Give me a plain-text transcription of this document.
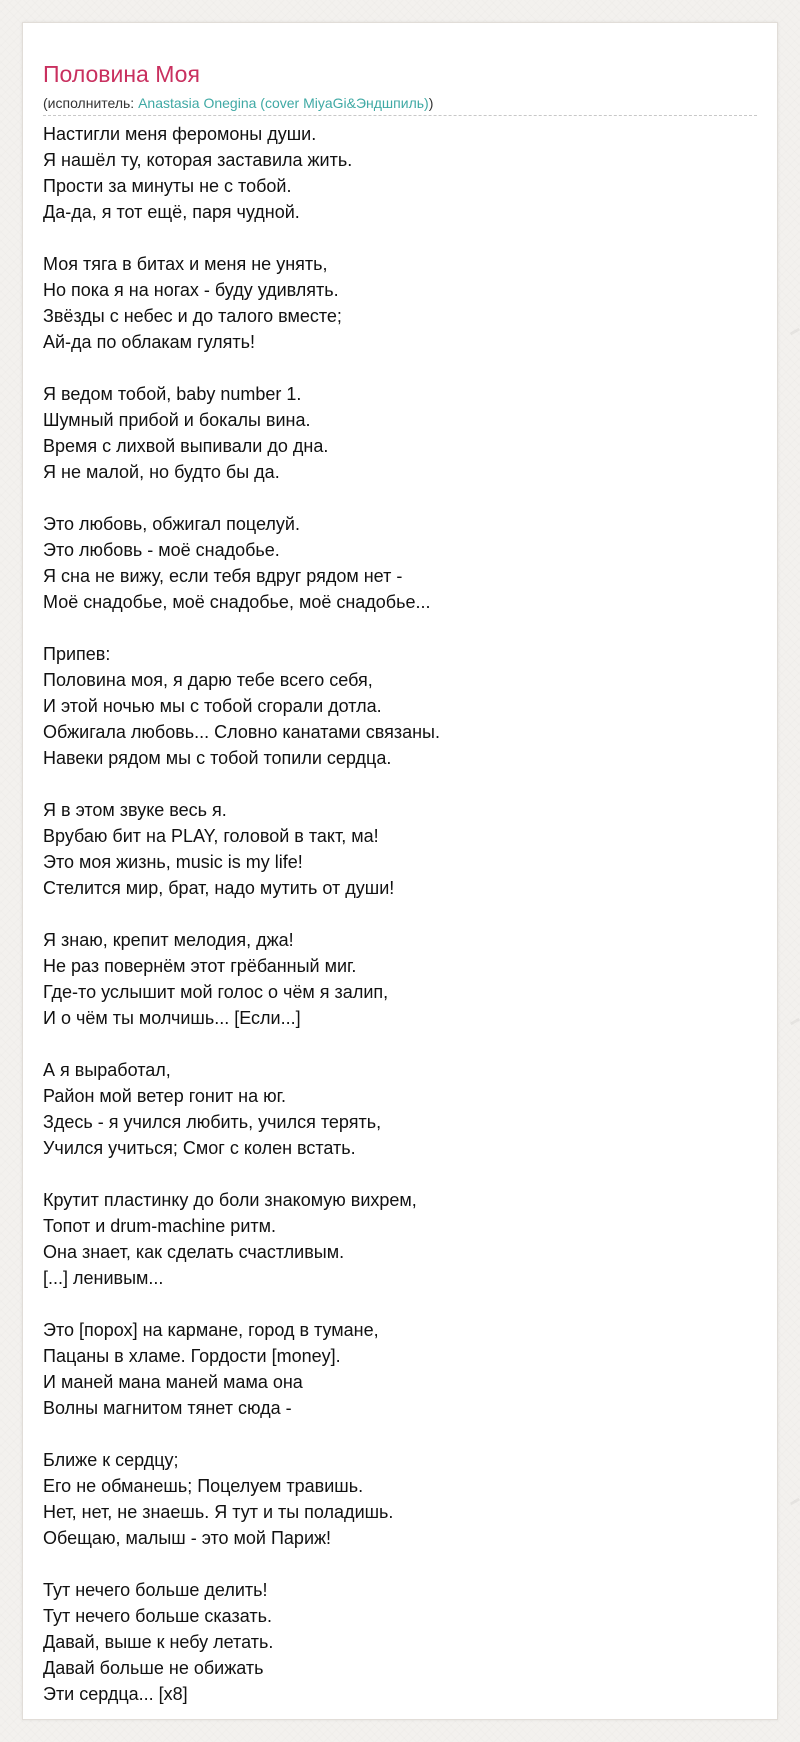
Половина Моя
(исполнитель: Anastasia Onegina (cover MiyaGi&Эндшпиль))
Настигли меня феромоны души.
Я нашёл ту, которая заставила жить.
Прости за минуты не с тобой.
Да-да, я тот ещё, паря чудной.
Моя тяга в битах и меня не унять,
Но пока я на ногах - буду удивлять.
Звёзды с небес и до талого вместе;
Ай-да по облакам гулять!
Я ведом тобой, baby number 1.
Шумный прибой и бокалы вина.
Время с лихвой выпивали до дна.
Я не малой, но будто бы да.
Это любовь, обжигал поцелуй.
Это любовь - моё снадобье.
Я сна не вижу, если тебя вдруг рядом нет -
Моё снадобье, моё снадобье, моё снадобье...
Припев:
Половина моя, я дарю тебе всего себя,
И этой ночью мы с тобой сгорали дотла.
Обжигала любовь... Словно канатами связаны.
Навеки рядом мы с тобой топили сердца.
Я в этом звуке весь я.
Врубаю бит на PLAY, головой в такт, ма!
Это моя жизнь, music is my life!
Стелится мир, брат, надо мутить от души!
Я знаю, крепит мелодия, джа!
Не раз повернём этот грёбанный миг.
Где-то услышит мой голос о чём я залип,
И о чём ты молчишь... [Если...]
А я выработал,
Район мой ветер гонит на юг.
Здесь - я учился любить, учился терять,
Учился учиться; Смог с колен встать.
Крутит пластинку до боли знакомую вихрем,
Топот и drum-machine ритм.
Она знает, как сделать счастливым.
[...] ленивым...
Это [порох] на кармане, город в тумане,
Пацаны в хламе. Гордости [money].
И маней мана маней мама она
Волны магнитом тянет сюда -
Ближе к сердцу;
Его не обманешь; Поцелуем травишь.
Нет, нет, не знаешь. Я тут и ты поладишь.
Обещаю, малыш - это мой Париж!
Тут нечего больше делить!
Тут нечего больше сказать.
Давай, выше к небу летать.
Давай больше не обижать
Эти сердца... [x8]
